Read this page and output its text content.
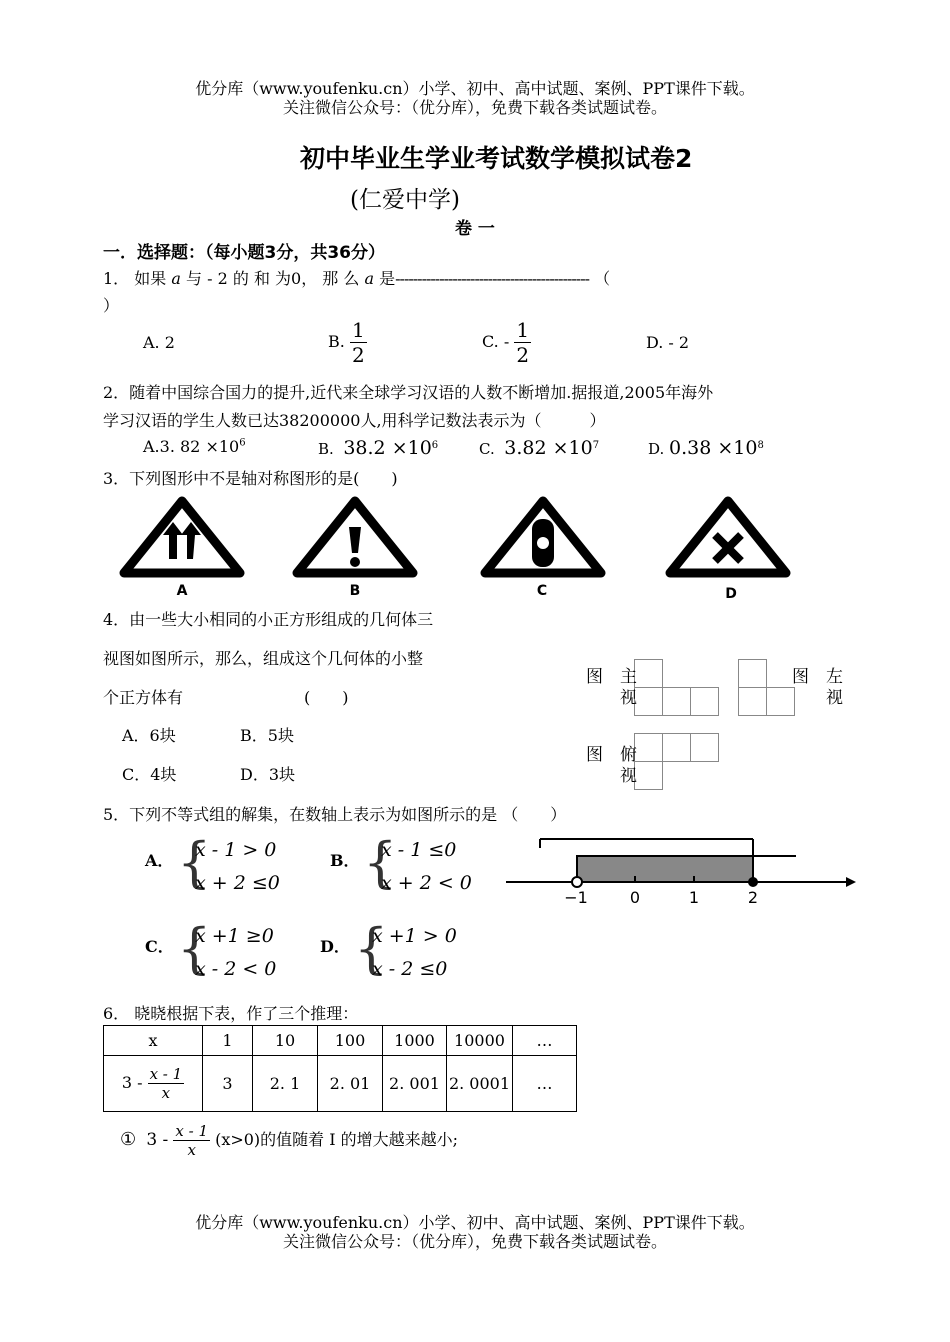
优分库（www.youfenku.cn）小学、初中、高中试题、案例、PPT课件下载。
关注微信公众号：（优分库），免费下载各类试题试卷。
初中毕业生学业考试数学模拟试卷2
(仁爱中学)
卷 一
一．选择题：（每小题3分，共36分）
1． 如果 a 与 - 2 的 和 为0， 那 么 a 是-------------------------------------------- （
）
A. 2	B. $\frac{1}{2}$	C. - $\frac{1}{2}$	D. - 2
2．随着中国综合国力的提升,近代来全球学习汉语的人数不断增加.据报道,2005年海外
学习汉语的学生人数已达38200000人,用科学记数法表示为（　　　）
A.3. $82 \times 10^6$	B. $38.2 \times 10^6$	C. $3.82 \times 10^7$	D. $0.38 \times 10^8$
3．下列图形中不是轴对称图形的是(　　)
A	B	C	D
4．由一些大小相同的小正方形组成的几何体三
视图如图所示，那么，组成这个几何体的小整
个正方体有	(　　)
A．6块	B．5块
C．4块	D．3块
主
视
图	左
视
图
俯
视
图
5．下列不等式组的解集，在数轴上表示为如图所示的是 （　　）
A． {
x - 1 > 0
x + 2 ≤0
B． {
x - 1 ≤0
x + 2 < 0
C． {
x +1 ≥0
x - 2 < 0
D． {
x +1 > 0
x - 2 ≤0
−1	0	1	2
6． 晓晓根据下表，作了三个推理：
x	1	10	100	1000	10000	…
$3 - \frac{x - 1}{x}$	3	2. 1	2. 01	2. 001	2. 0001	…
① $3 - \frac{x - 1}{x} (x>0)$的值随着 I 的增大越来越小;
优分库（www.youfenku.cn）小学、初中、高中试题、案例、PPT课件下载。
关注微信公众号：（优分库），免费下载各类试题试卷。
